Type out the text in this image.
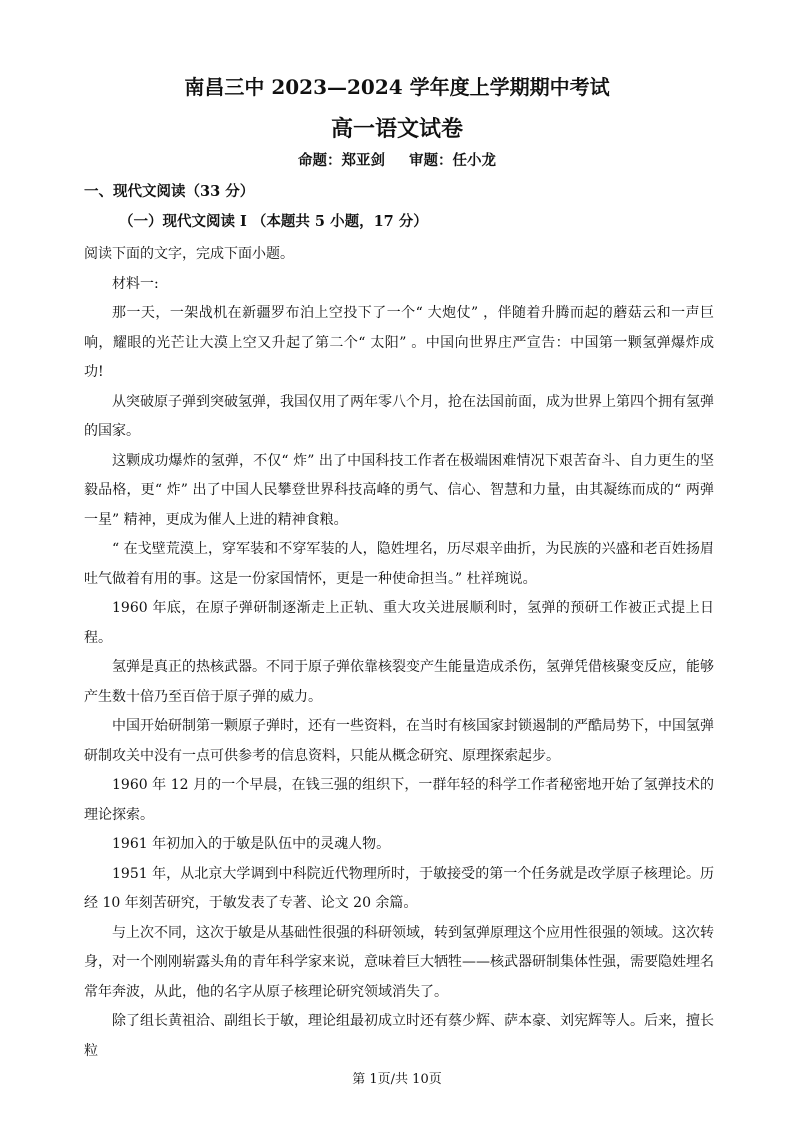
南昌三中 2023—2024 学年度上学期期中考试
高一语文试卷
命题：郑亚剑 审题：任小龙
一、现代文阅读（33 分）
（一）现代文阅读 I （本题共 5 小题，17 分）

阅读下面的文字，完成下面小题。

材料一:

那一天，一架战机在新疆罗布泊上空投下了一个“ 大炮仗” ，伴随着升腾而起的蘑菇云和一声巨响，耀眼的光芒让大漠上空又升起了第二个“ 太阳” 。中国向世界庄严宣告：中国第一颗氢弹爆炸成功!

从突破原子弹到突破氢弹，我国仅用了两年零八个月，抢在法国前面，成为世界上第四个拥有氢弹的国家。

这颗成功爆炸的氢弹，不仅“ 炸” 出了中国科技工作者在极端困难情况下艰苦奋斗、自力更生的坚毅品格，更“ 炸” 出了中国人民攀登世界科技高峰的勇气、信心、智慧和力量，由其凝练而成的“ 两弹一星” 精神，更成为催人上进的精神食粮。

“ 在戈壁荒漠上，穿军装和不穿军装的人，隐姓埋名，历尽艰辛曲折，为民族的兴盛和老百姓扬眉吐气做着有用的事。这是一份家国情怀，更是一种使命担当。” 杜祥琬说。

1960 年底，在原子弹研制逐渐走上正轨、重大攻关进展顺利时，氢弹的预研工作被正式提上日程。

氢弹是真正的热核武器。不同于原子弹依靠核裂变产生能量造成杀伤，氢弹凭借核聚变反应，能够产生数十倍乃至百倍于原子弹的威力。

中国开始研制第一颗原子弹时，还有一些资料，在当时有核国家封锁遏制的严酷局势下，中国氢弹研制攻关中没有一点可供参考的信息资料，只能从概念研究、原理探索起步。

1960 年 12 月的一个早晨，在钱三强的组织下，一群年轻的科学工作者秘密地开始了氢弹技术的理论探索。

1961 年初加入的于敏是队伍中的灵魂人物。

1951 年，从北京大学调到中科院近代物理所时，于敏接受的第一个任务就是改学原子核理论。历经 10 年刻苦研究，于敏发表了专著、论文 20 余篇。

与上次不同，这次于敏是从基础性很强的科研领域，转到氢弹原理这个应用性很强的领域。这次转身，对一个刚刚崭露头角的青年科学家来说，意味着巨大牺牲——核武器研制集体性强，需要隐姓埋名常年奔波，从此，他的名字从原子核理论研究领域消失了。

除了组长黄祖洽、副组长于敏，理论组最初成立时还有蔡少辉、萨本豪、刘宪辉等人。后来，擅长粒

第 1页/共 10页
